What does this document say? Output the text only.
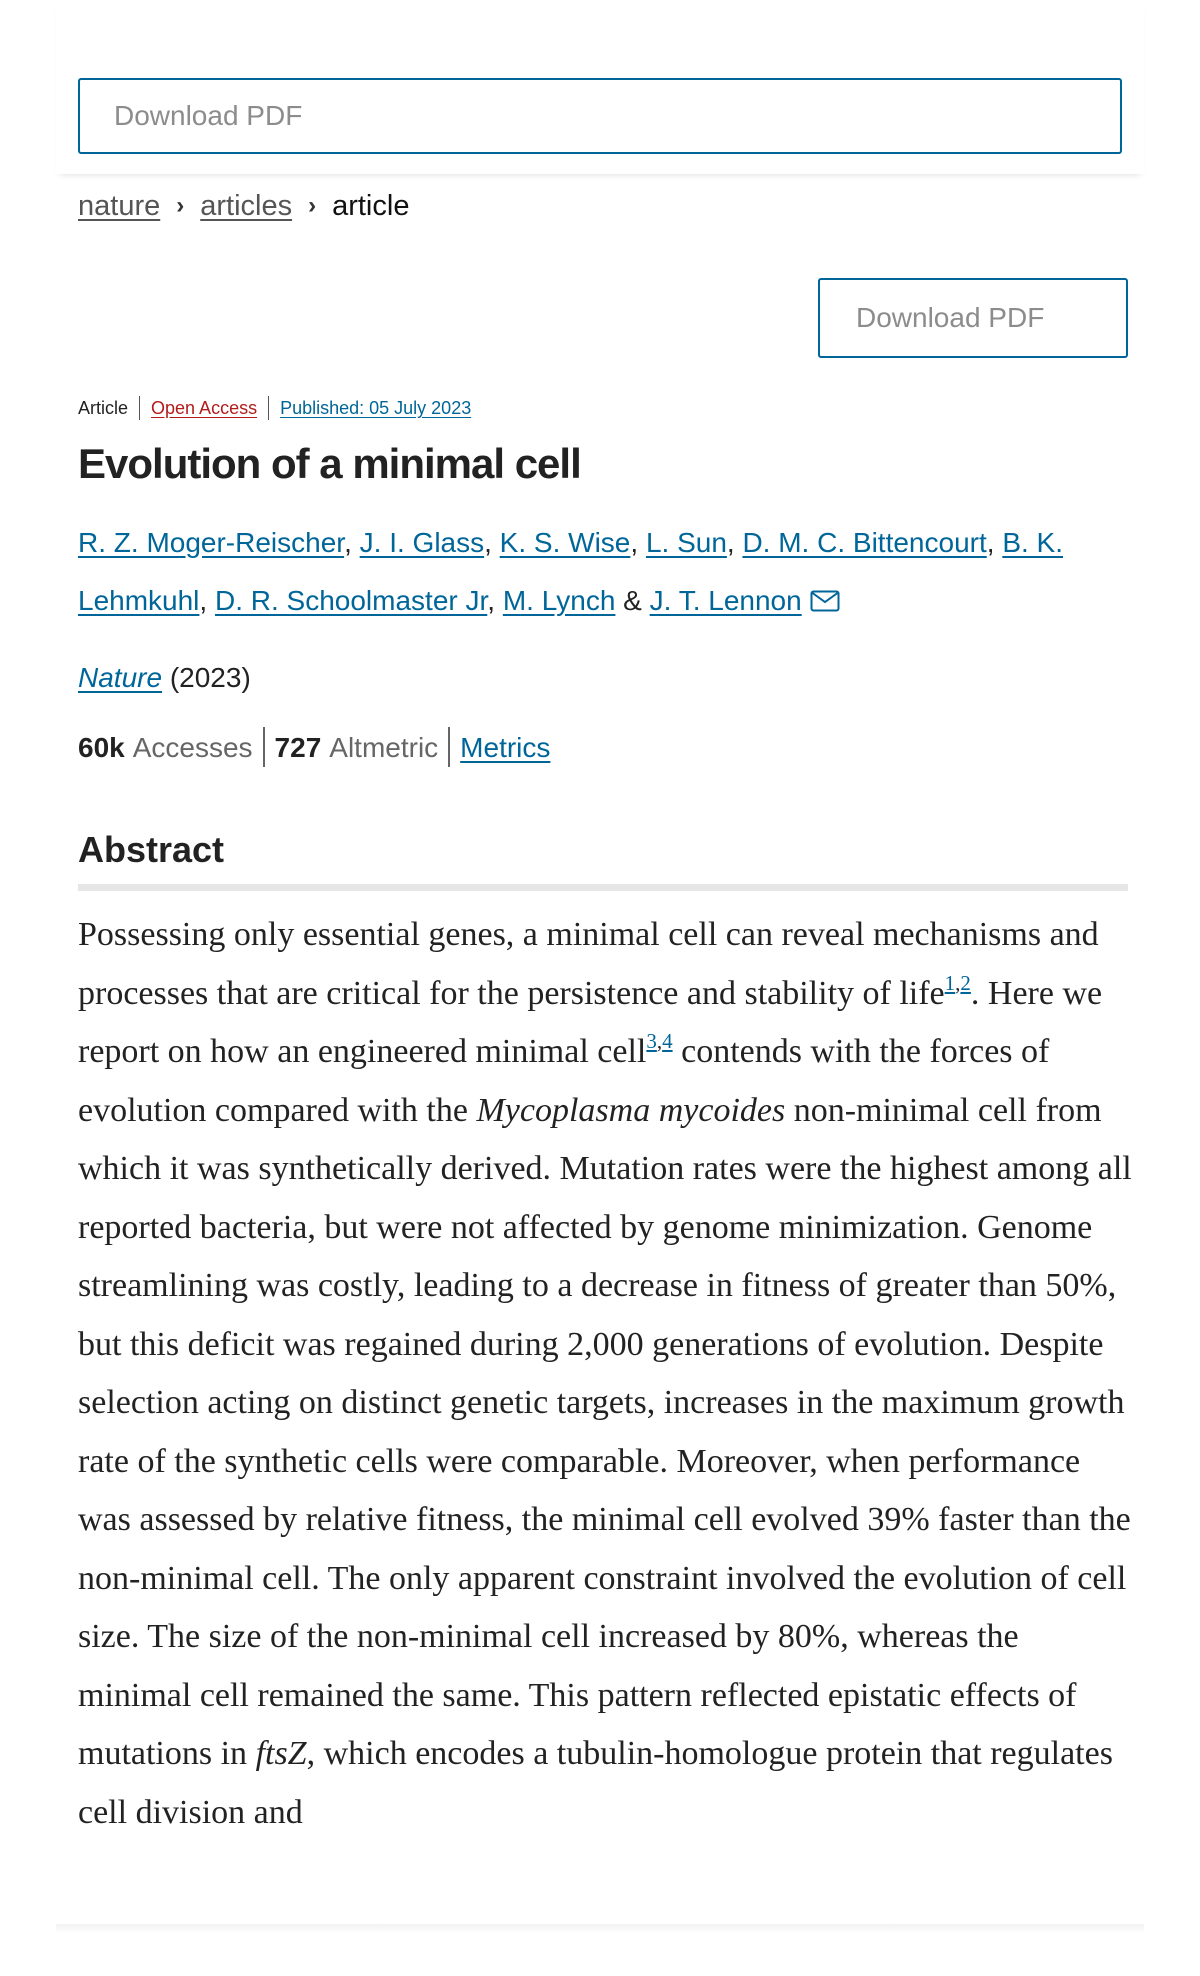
Download PDF
nature › articles › article
Download PDF
Article Open Access Published: 05 July 2023
Evolution of a minimal cell
R. Z. Moger-Reischer, J. I. Glass, K. S. Wise, L. Sun, D. M. C. Bittencourt, B. K. Lehmkuhl, D. R. Schoolmaster Jr, M. Lynch & J. T. Lennon
Nature (2023)
60k Accesses 727 Altmetric Metrics
Abstract

Possessing only essential genes, a minimal cell can reveal mechanisms and processes that are critical for the persistence and stability of life$^{1,2}$. Here we report on how an engineered minimal cell$^{3,4}$ contends with the forces of evolution compared with the Mycoplasma mycoides non-minimal cell from which it was synthetically derived. Mutation rates were the highest among all reported bacteria, but were not affected by genome minimization. Genome streamlining was costly, leading to a decrease in fitness of greater than 50%, but this deficit was regained during 2,000 generations of evolution. Despite selection acting on distinct genetic targets, increases in the maximum growth rate of the synthetic cells were comparable. Moreover, when performance was assessed by relative fitness, the minimal cell evolved 39% faster than the non-minimal cell. The only apparent constraint involved the evolution of cell size. The size of the non-minimal cell increased by 80%, whereas the minimal cell remained the same. This pattern reflected epistatic effects of mutations in ftsZ, which encodes a tubulin-homologue protein that regulates cell division and
